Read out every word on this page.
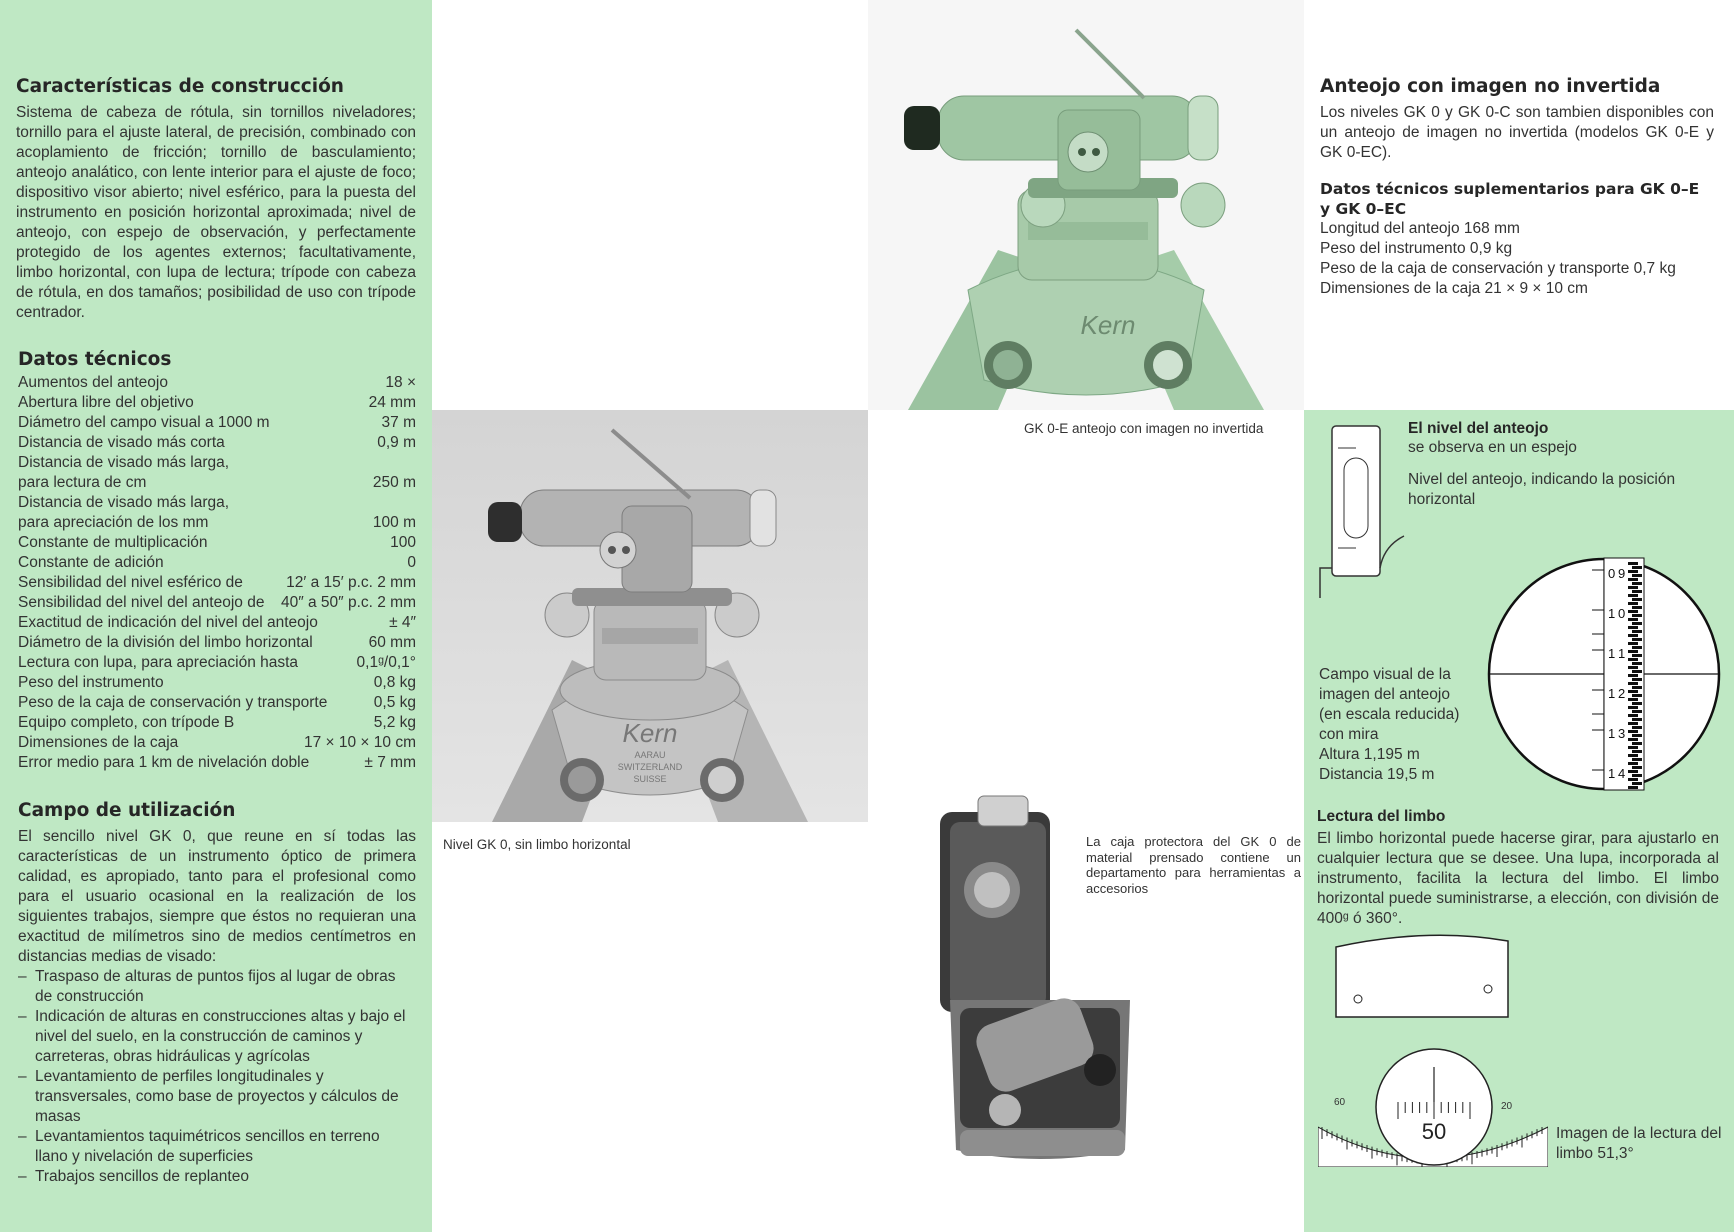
Características de construcción
Sistema de cabeza de rótula, sin tornillos niveladores; tornillo para el ajuste lateral, de precisión, combinado con acoplamiento de fricción; tornillo de basculamiento; anteojo analático, con lente interior para el ajuste de foco; dispositivo visor abierto; nivel esférico, para la puesta del instrumento en posición horizontal aproximada; nivel de anteojo, con espejo de observación, y perfectamente protegido de los agentes externos; facultativamente, limbo horizontal, con lupa de lectura; trípode con cabeza de rótula, en dos tamaños; posibilidad de uso con trípode centrador.
Datos técnicos
Aumentos del anteojo	18 ×
Abertura libre del objetivo	24 mm
Diámetro del campo visual a 1000 m	37 m
Distancia de visado más corta	0,9 m
Distancia de visado más larga,
para lectura de cm	250 m
Distancia de visado más larga,
para apreciación de los mm	100 m
Constante de multiplicación	100
Constante de adición	0
Sensibilidad del nivel esférico de	12′ a 15′ p.c. 2 mm
Sensibilidad del nivel del anteojo de	40″ a 50″ p.c. 2 mm
Exactitud de indicación del nivel del anteojo	± 4″
Diámetro de la división del limbo horizontal	60 mm
Lectura con lupa, para apreciación hasta	0,1ᵍ/0,1°
Peso del instrumento	0,8 kg
Peso de la caja de conservación y transporte	0,5 kg
Equipo completo, con trípode B	5,2 kg
Dimensiones de la caja	17 × 10 × 10 cm
Error medio para 1 km de nivelación doble	± 7 mm
Campo de utilización
El sencillo nivel GK 0, que reune en sí todas las características de un instrumento óptico de primera calidad, es apropiado, tanto para el profesional como para el usuario ocasional en la realización de los siguientes trabajos, siempre que éstos no requieran una exactitud de milímetros sino de medios centímetros en distancias medias de visado:
– Traspaso de alturas de puntos fijos al lugar de obras de construcción
– Indicación de alturas en construcciones altas y bajo el nivel del suelo, en la construcción de caminos y carreteras, obras hidráulicas y agrícolas
– Levantamiento de perfiles longitudinales y transversales, como base de proyectos y cálculos de masas
– Levantamientos taquimétricos sencillos en terreno llano y nivelación de superficies
– Trabajos sencillos de replanteo
Kern
AARAU
SWITZERLAND
SUISSE
Nivel GK 0, sin limbo horizontal
Kern
GK 0-E anteojo con imagen no invertida
La caja protectora del GK 0 de material prensado contiene un departamento para herramientas a accesorios
Anteojo con imagen no invertida
Los niveles GK 0 y GK 0-C son tambien disponibles con un anteojo de imagen no invertida (modelos GK 0-E y GK 0-EC).
Datos técnicos suplementarios para GK 0–E y GK 0–EC
Longitud del anteojo 168 mm
Peso del instrumento 0,9 kg
Peso de la caja de conservación y transporte 0,7 kg
Dimensiones de la caja 21 × 9 × 10 cm
El nivel del anteojo
se observa en un espejo
Nivel del anteojo, indicando la posición horizontal
Campo visual de la
imagen del anteojo
(en escala reducida)
con mira
Altura 1,195 m
Distancia 19,5 m
0 9
1 0
1 1
1 2
1 3
1 4
Lectura del limbo
El limbo horizontal puede hacerse girar, para ajustarlo en cualquier lectura que se desee. Una lupa, incorporada al instrumento, facilita la lectura del limbo. El limbo horizontal puede suministrarse, a elección, con división de 400ᵍ ó 360°.
60	20
50	Imagen de la lectura del limbo 51,3°
